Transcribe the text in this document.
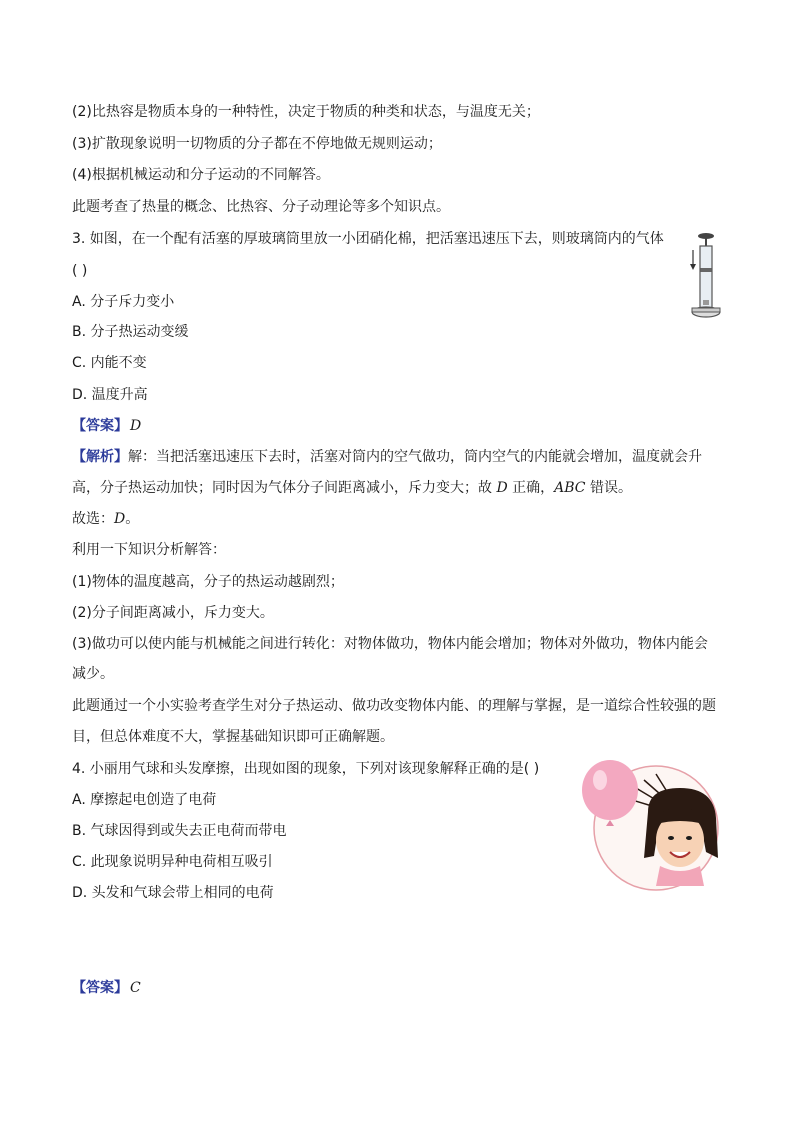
(2)比热容是物质本身的一种特性，决定于物质的种类和状态，与温度无关；
(3)扩散现象说明一切物质的分子都在不停地做无规则运动；
(4)根据机械运动和分子运动的不同解答。
此题考查了热量的概念、比热容、分子动理论等多个知识点。
3. 如图，在一个配有活塞的厚玻璃筒里放一小团硝化棉，把活塞迅速压下去，则玻璃筒内的气体
( )
A. 分子斥力变小
B. 分子热运动变缓
C. 内能不变
D. 温度升高
【答案】 D
【解析】解：当把活塞迅速压下去时，活塞对筒内的空气做功，筒内空气的内能就会增加，温度就会升
高，分子热运动加快；同时因为气体分子间距离减小，斥力变大；故 D 正确，ABC 错误。
故选：D。
利用一下知识分析解答：
(1)物体的温度越高，分子的热运动越剧烈；
(2)分子间距离减小，斥力变大。
(3)做功可以使内能与机械能之间进行转化：对物体做功，物体内能会增加；物体对外做功，物体内能会
减少。
此题通过一个小实验考查学生对分子热运动、做功改变物体内能、的理解与掌握，是一道综合性较强的题
目，但总体难度不大，掌握基础知识即可正确解题。
4. 小丽用气球和头发摩擦，出现如图的现象，下列对该现象解释正确的是( )
A. 摩擦起电创造了电荷
B. 气球因得到或失去正电荷而带电
C. 此现象说明异种电荷相互吸引
D. 头发和气球会带上相同的电荷
【答案】 C
